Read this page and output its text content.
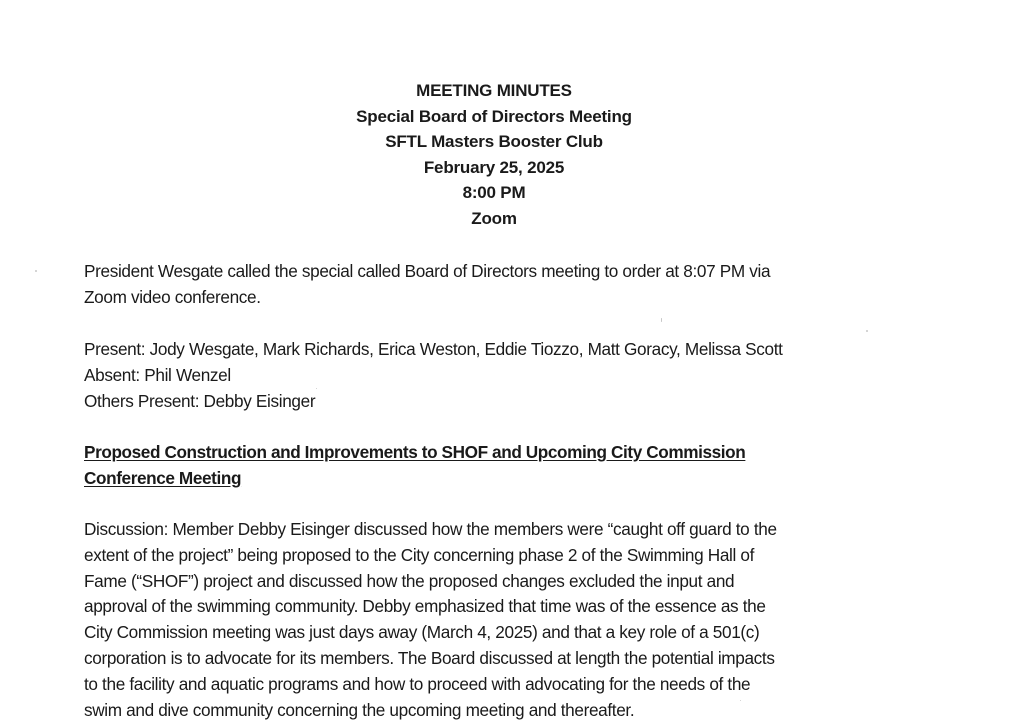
MEETING MINUTES
Special Board of Directors Meeting
SFTL Masters Booster Club
February 25, 2025
8:00 PM
Zoom
President Wesgate called the special called Board of Directors meeting to order at 8:07 PM via
Zoom video conference.
Present: Jody Wesgate, Mark Richards, Erica Weston, Eddie Tiozzo, Matt Goracy, Melissa Scott
Absent: Phil Wenzel
Others Present: Debby Eisinger
Proposed Construction and Improvements to SHOF and Upcoming City Commission
Conference Meeting
Discussion: Member Debby Eisinger discussed how the members were “caught off guard to the
extent of the project” being proposed to the City concerning phase 2 of the Swimming Hall of
Fame (“SHOF”) project and discussed how the proposed changes excluded the input and
approval of the swimming community. Debby emphasized that time was of the essence as the
City Commission meeting was just days away (March 4, 2025) and that a key role of a 501(c)
corporation is to advocate for its members. The Board discussed at length the potential impacts
to the facility and aquatic programs and how to proceed with advocating for the needs of the
swim and dive community concerning the upcoming meeting and thereafter.
